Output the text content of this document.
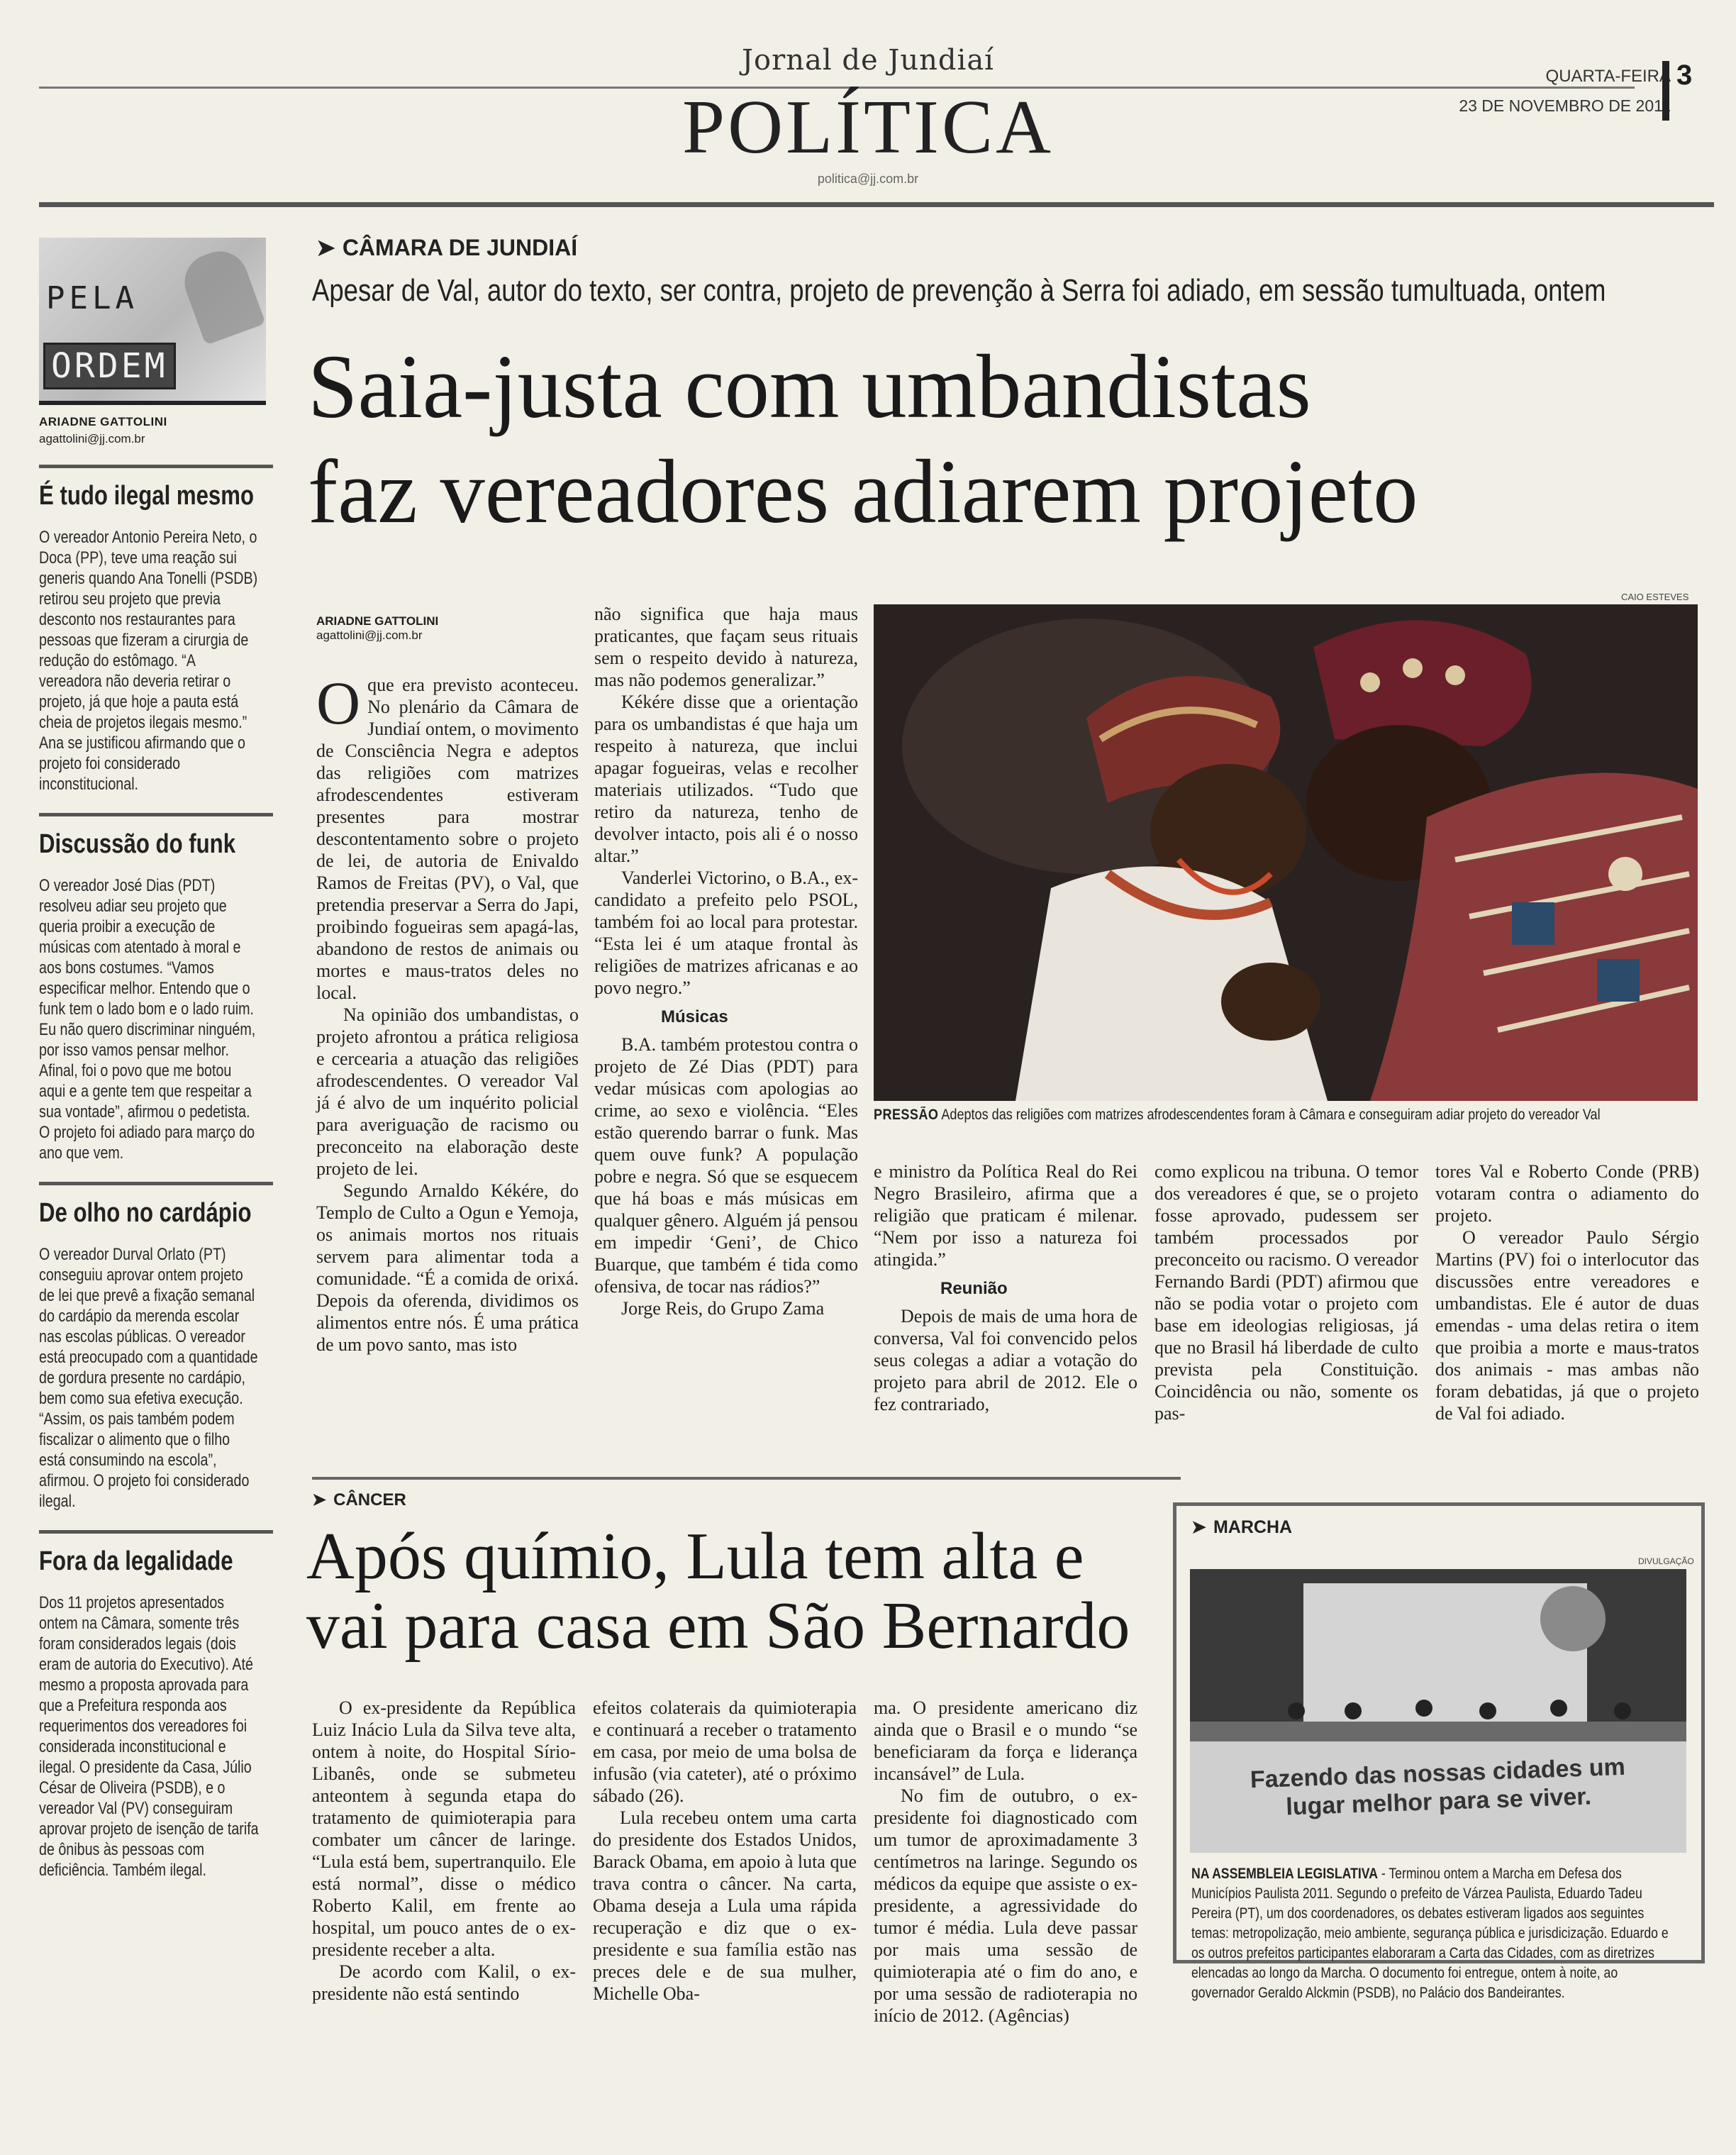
Jornal de Jundiaí
POLÍTICA
politica@jj.com.br
QUARTA-FEIRA
23 DE NOVEMBRO DE 2011
3
PELA
ORDEM
ARIADNE GATTOLINI
agattolini@jj.com.br
É tudo ilegal mesmo

O vereador Antonio Pereira Neto, o Doca (PP), teve uma reação sui generis quando Ana Tonelli (PSDB) retirou seu projeto que previa desconto nos restaurantes para pessoas que fizeram a cirurgia de redução do estômago. “A vereadora não deveria retirar o projeto, já que hoje a pauta está cheia de projetos ilegais mesmo.” Ana se justificou afirmando que o projeto foi considerado inconstitucional.

Discussão do funk

O vereador José Dias (PDT) resolveu adiar seu projeto que queria proibir a execução de músicas com atentado à moral e aos bons costumes. “Vamos especificar melhor. Entendo que o funk tem o lado bom e o lado ruim. Eu não quero discriminar ninguém, por isso vamos pensar melhor. Afinal, foi o povo que me botou aqui e a gente tem que respeitar a sua vontade”, afirmou o pedetista. O projeto foi adiado para março do ano que vem.

De olho no cardápio

O vereador Durval Orlato (PT) conseguiu aprovar ontem projeto de lei que prevê a fixação semanal do cardápio da merenda escolar nas escolas públicas. O vereador está preocupado com a quantidade de gordura presente no cardápio, bem como sua efetiva execução. “Assim, os pais também podem fiscalizar o alimento que o filho está consumindo na escola”, afirmou. O projeto foi considerado ilegal.

Fora da legalidade

Dos 11 projetos apresentados ontem na Câmara, somente três foram considerados legais (dois eram de autoria do Executivo). Até mesmo a proposta aprovada para que a Prefeitura responda aos requerimentos dos vereadores foi considerada inconstitucional e ilegal. O presidente da Casa, Júlio César de Oliveira (PSDB), e o vereador Val (PV) conseguiram aprovar projeto de isenção de tarifa de ônibus às pessoas com deficiência. Também ilegal.

➤ CÂMARA DE JUNDIAÍ
Apesar de Val, autor do texto, ser contra, projeto de prevenção à Serra foi adiado, em sessão tumultuada, ontem
Saia-justa com umbandistas
faz vereadores adiarem projeto
ARIADNE GATTOLINI
agattolini@jj.com.br

Oque era previsto aconteceu. No plenário da Câmara de Jundiaí ontem, o movimento de Consciência Negra e adeptos das religiões com matrizes afrodescendentes estiveram presentes para mostrar descontentamento sobre o projeto de lei, de autoria de Enivaldo Ramos de Freitas (PV), o Val, que pretendia preservar a Serra do Japi, proibindo fogueiras sem apagá-las, abandono de restos de animais ou mortes e maus-tratos deles no local.

Na opinião dos umbandistas, o projeto afrontou a prática religiosa e cercearia a atuação das religiões afrodescendentes. O vereador Val já é alvo de um inquérito policial para averiguação de racismo ou preconceito na elaboração deste projeto de lei.

Segundo Arnaldo Kékére, do Templo de Culto a Ogun e Yemoja, os animais mortos nos rituais servem para alimentar toda a comunidade. “É a comida de orixá. Depois da oferenda, dividimos os alimentos entre nós. É uma prática de um povo santo, mas isto

não significa que haja maus praticantes, que façam seus rituais sem o respeito devido à natureza, mas não podemos generalizar.”

Kékére disse que a orientação para os umbandistas é que haja um respeito à natureza, que inclui apagar fogueiras, velas e recolher materiais utilizados. “Tudo que retiro da natureza, tenho de devolver intacto, pois ali é o nosso altar.”

Vanderlei Victorino, o B.A., ex-candidato a prefeito pelo PSOL, também foi ao local para protestar. “Esta lei é um ataque frontal às religiões de matrizes africanas e ao povo negro.”

Músicas

B.A. também protestou contra o projeto de Zé Dias (PDT) para vedar músicas com apologias ao crime, ao sexo e violência. “Eles estão querendo barrar o funk. Mas quem ouve funk? A população pobre e negra. Só que se esquecem que há boas e más músicas em qualquer gênero. Alguém já pensou em impedir ‘Geni’, de Chico Buarque, que também é tida como ofensiva, de tocar nas rádios?”

Jorge Reis, do Grupo Zama

CAIO ESTEVES
PRESSÃO Adeptos das religiões com matrizes afrodescendentes foram à Câmara e conseguiram adiar projeto do vereador Val

e ministro da Política Real do Rei Negro Brasileiro, afirma que a religião que praticam é milenar. “Nem por isso a natureza foi atingida.”

Reunião

Depois de mais de uma hora de conversa, Val foi convencido pelos seus colegas a adiar a votação do projeto para abril de 2012. Ele o fez contrariado,

como explicou na tribuna. O temor dos vereadores é que, se o projeto fosse aprovado, pudessem ser também processados por preconceito ou racismo. O vereador Fernando Bardi (PDT) afirmou que não se podia votar o projeto com base em ideologias religiosas, já que no Brasil há liberdade de culto prevista pela Constituição. Coincidência ou não, somente os pas-

tores Val e Roberto Conde (PRB) votaram contra o adiamento do projeto.

O vereador Paulo Sérgio Martins (PV) foi o interlocutor das discussões entre vereadores e umbandistas. Ele é autor de duas emendas - uma delas retira o item que proibia a morte e maus-tratos dos animais - mas ambas não foram debatidas, já que o projeto de Val foi adiado.

➤ CÂNCER
Após químio, Lula tem alta e
vai para casa em São Bernardo

O ex-presidente da República Luiz Inácio Lula da Silva teve alta, ontem à noite, do Hospital Sírio-Libanês, onde se submeteu anteontem à segunda etapa do tratamento de quimioterapia para combater um câncer de laringe. “Lula está bem, supertranquilo. Ele está normal”, disse o médico Roberto Kalil, em frente ao hospital, um pouco antes de o ex-presidente receber a alta.

De acordo com Kalil, o ex-presidente não está sentindo

efeitos colaterais da quimioterapia e continuará a receber o tratamento em casa, por meio de uma bolsa de infusão (via cateter), até o próximo sábado (26).

Lula recebeu ontem uma carta do presidente dos Estados Unidos, Barack Obama, em apoio à luta que trava contra o câncer. Na carta, Obama deseja a Lula uma rápida recuperação e diz que o ex-presidente e sua família estão nas preces dele e de sua mulher, Michelle Oba-

ma. O presidente americano diz ainda que o Brasil e o mundo “se beneficiaram da força e liderança incansável” de Lula.

No fim de outubro, o ex-presidente foi diagnosticado com um tumor de aproximadamente 3 centímetros na laringe. Segundo os médicos da equipe que assiste o ex-presidente, a agressividade do tumor é média. Lula deve passar por mais uma sessão de quimioterapia até o fim do ano, e por uma sessão de radioterapia no início de 2012. (Agências)

➤ MARCHA
DIVULGAÇÃO
Fazendo das nossas cidades um
lugar melhor para se viver.
NA ASSEMBLEIA LEGISLATIVA - Terminou ontem a Marcha em Defesa dos Municípios Paulista 2011. Segundo o prefeito de Várzea Paulista, Eduardo Tadeu Pereira (PT), um dos coordenadores, os debates estiveram ligados aos seguintes temas: metropolização, meio ambiente, segurança pública e jurisdicização. Eduardo e os outros prefeitos participantes elaboraram a Carta das Cidades, com as diretrizes elencadas ao longo da Marcha. O documento foi entregue, ontem à noite, ao governador Geraldo Alckmin (PSDB), no Palácio dos Bandeirantes.
